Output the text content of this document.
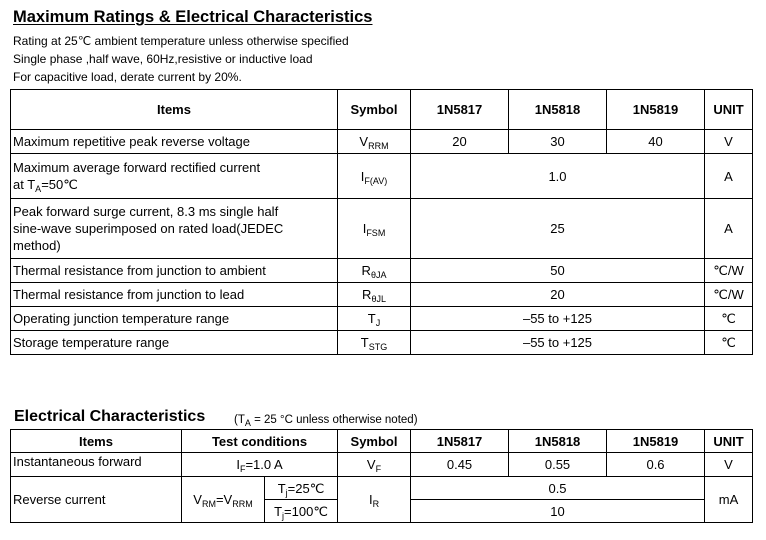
Maximum Ratings & Electrical Characteristics
Rating at 25℃ ambient temperature unless otherwise specified
Single phase ,half wave, 60Hz,resistive or inductive load
For capacitive load, derate current by 20%.
Items	Symbol	1N5817	1N5818	1N5819	UNIT
Maximum repetitive peak reverse voltage	$V_{RRM}$	20	30	40	V
Maximum average forward rectified current
at $T_A=50℃$	$I_{F(AV)}$	1.0			A
Peak forward surge current, 8.3 ms single half
sine-wave superimposed on rated load(JEDEC
method)	$I_{FSM}$	25			A
Thermal resistance from junction to ambient	$R_{\theta JA}$	50			℃/W
Thermal resistance from junction to lead	$R_{\theta JL}$	20			℃/W
Operating junction temperature range	$T_J$	–55 to +125			℃
Storage temperature range	$T_{STG}$	–55 to +125			℃
Electrical Characteristics	($T_A = 25$ °C unless otherwise noted)
Items	Test conditions		Symbol	1N5817	1N5818	1N5819	UNIT

Instantaneous forward	$I_F=1.0$ A		$V_F$	0.45	0.55	0.6	V
Reverse current	$V_{RM}=V_{RRM}$	$T_j=25℃$	$I_R$	0.5			mA
		$T_j=100℃$		10			
